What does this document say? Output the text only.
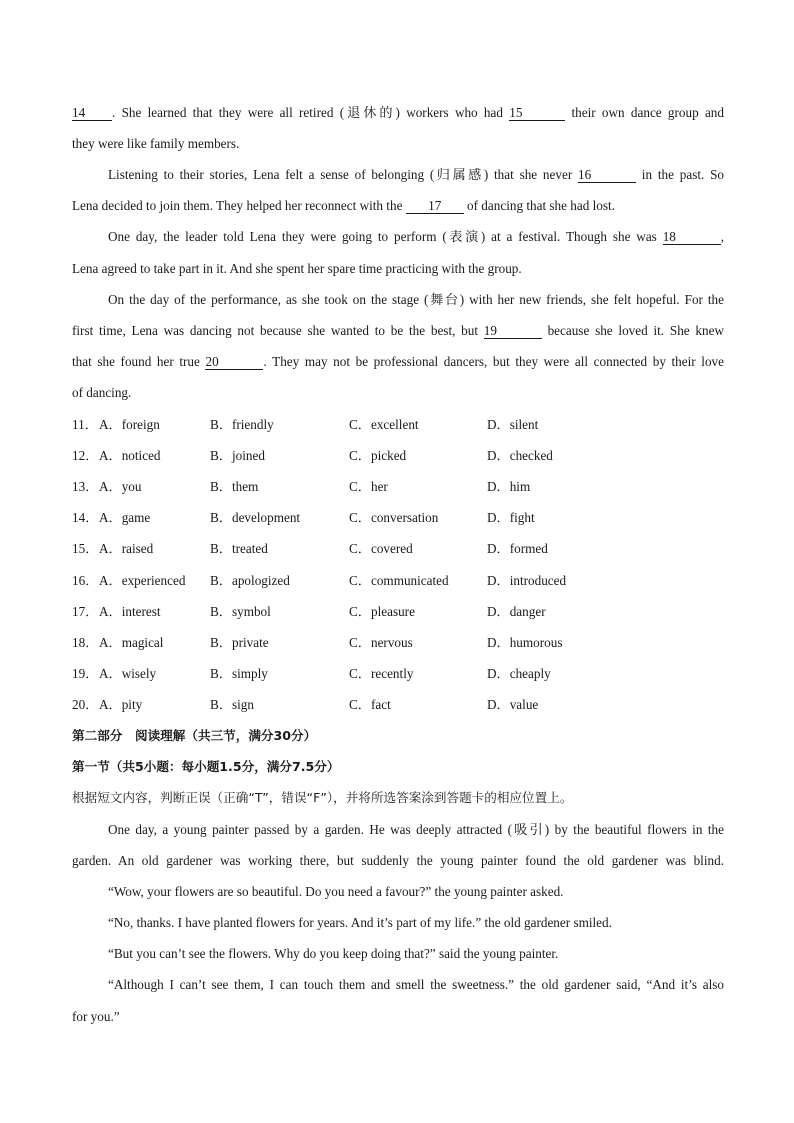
14 . She learned that they were all retired (退休的) workers who had 15	their own dance group and
they were like family members.
Listening to their stories, Lena felt a sense of belonging (归属感) that she never 16	in the past. So
Lena decided to join them. They helped her reconnect with the 17 of dancing that she had lost.
One day, the leader told Lena they were going to perform (表演) at a festival. Though she was 18	,
Lena agreed to take part in it. And she spent her spare time practicing with the group.
On the day of the performance, as she took on the stage (舞台) with her new friends, she felt hopeful. For the
first time, Lena was dancing not because she wanted to be the best, but 19	because she loved it. She knew
that she found her true 20	. They may not be professional dancers, but they were all connected by their love
of dancing.
11． A．foreign	B．friendly	C．excellent	D．silent
12． A．noticed	B．joined	C．picked	D．checked
13． A．you	B．them	C．her	D．him
14． A．game	B．development	C．conversation	D．fight
15． A．raised	B．treated	C．covered	D．formed
16． A．experienced B．apologized	C．communicated	D．introduced
17． A．interest	B．symbol	C．pleasure	D．danger
18． A．magical	B．private	C．nervous	D．humorous
19． A．wisely	B．simply	C．recently	D．cheaply
20． A．pity	B．sign	C．fact	D．value
第二部分　阅读理解（共三节，满分30分）
第一节（共5小题：每小题1.5分，满分7.5分）
根据短文内容，判断正误（正确“T”，错误“F”），并将所选答案涂到答题卡的相应位置上。
One day, a young painter passed by a garden. He was deeply attracted (吸引) by the beautiful flowers in the
garden. An old gardener was working there, but suddenly the young painter found the old gardener was blind.
“Wow, your flowers are so beautiful. Do you need a favour?” the young painter asked.
“No, thanks. I have planted flowers for years. And it’s part of my life.” the old gardener smiled.
“But you can’t see the flowers. Why do you keep doing that?” said the young painter.
“Although I can’t see them, I can touch them and smell the sweetness.” the old gardener said, “And it’s also
for you.”
